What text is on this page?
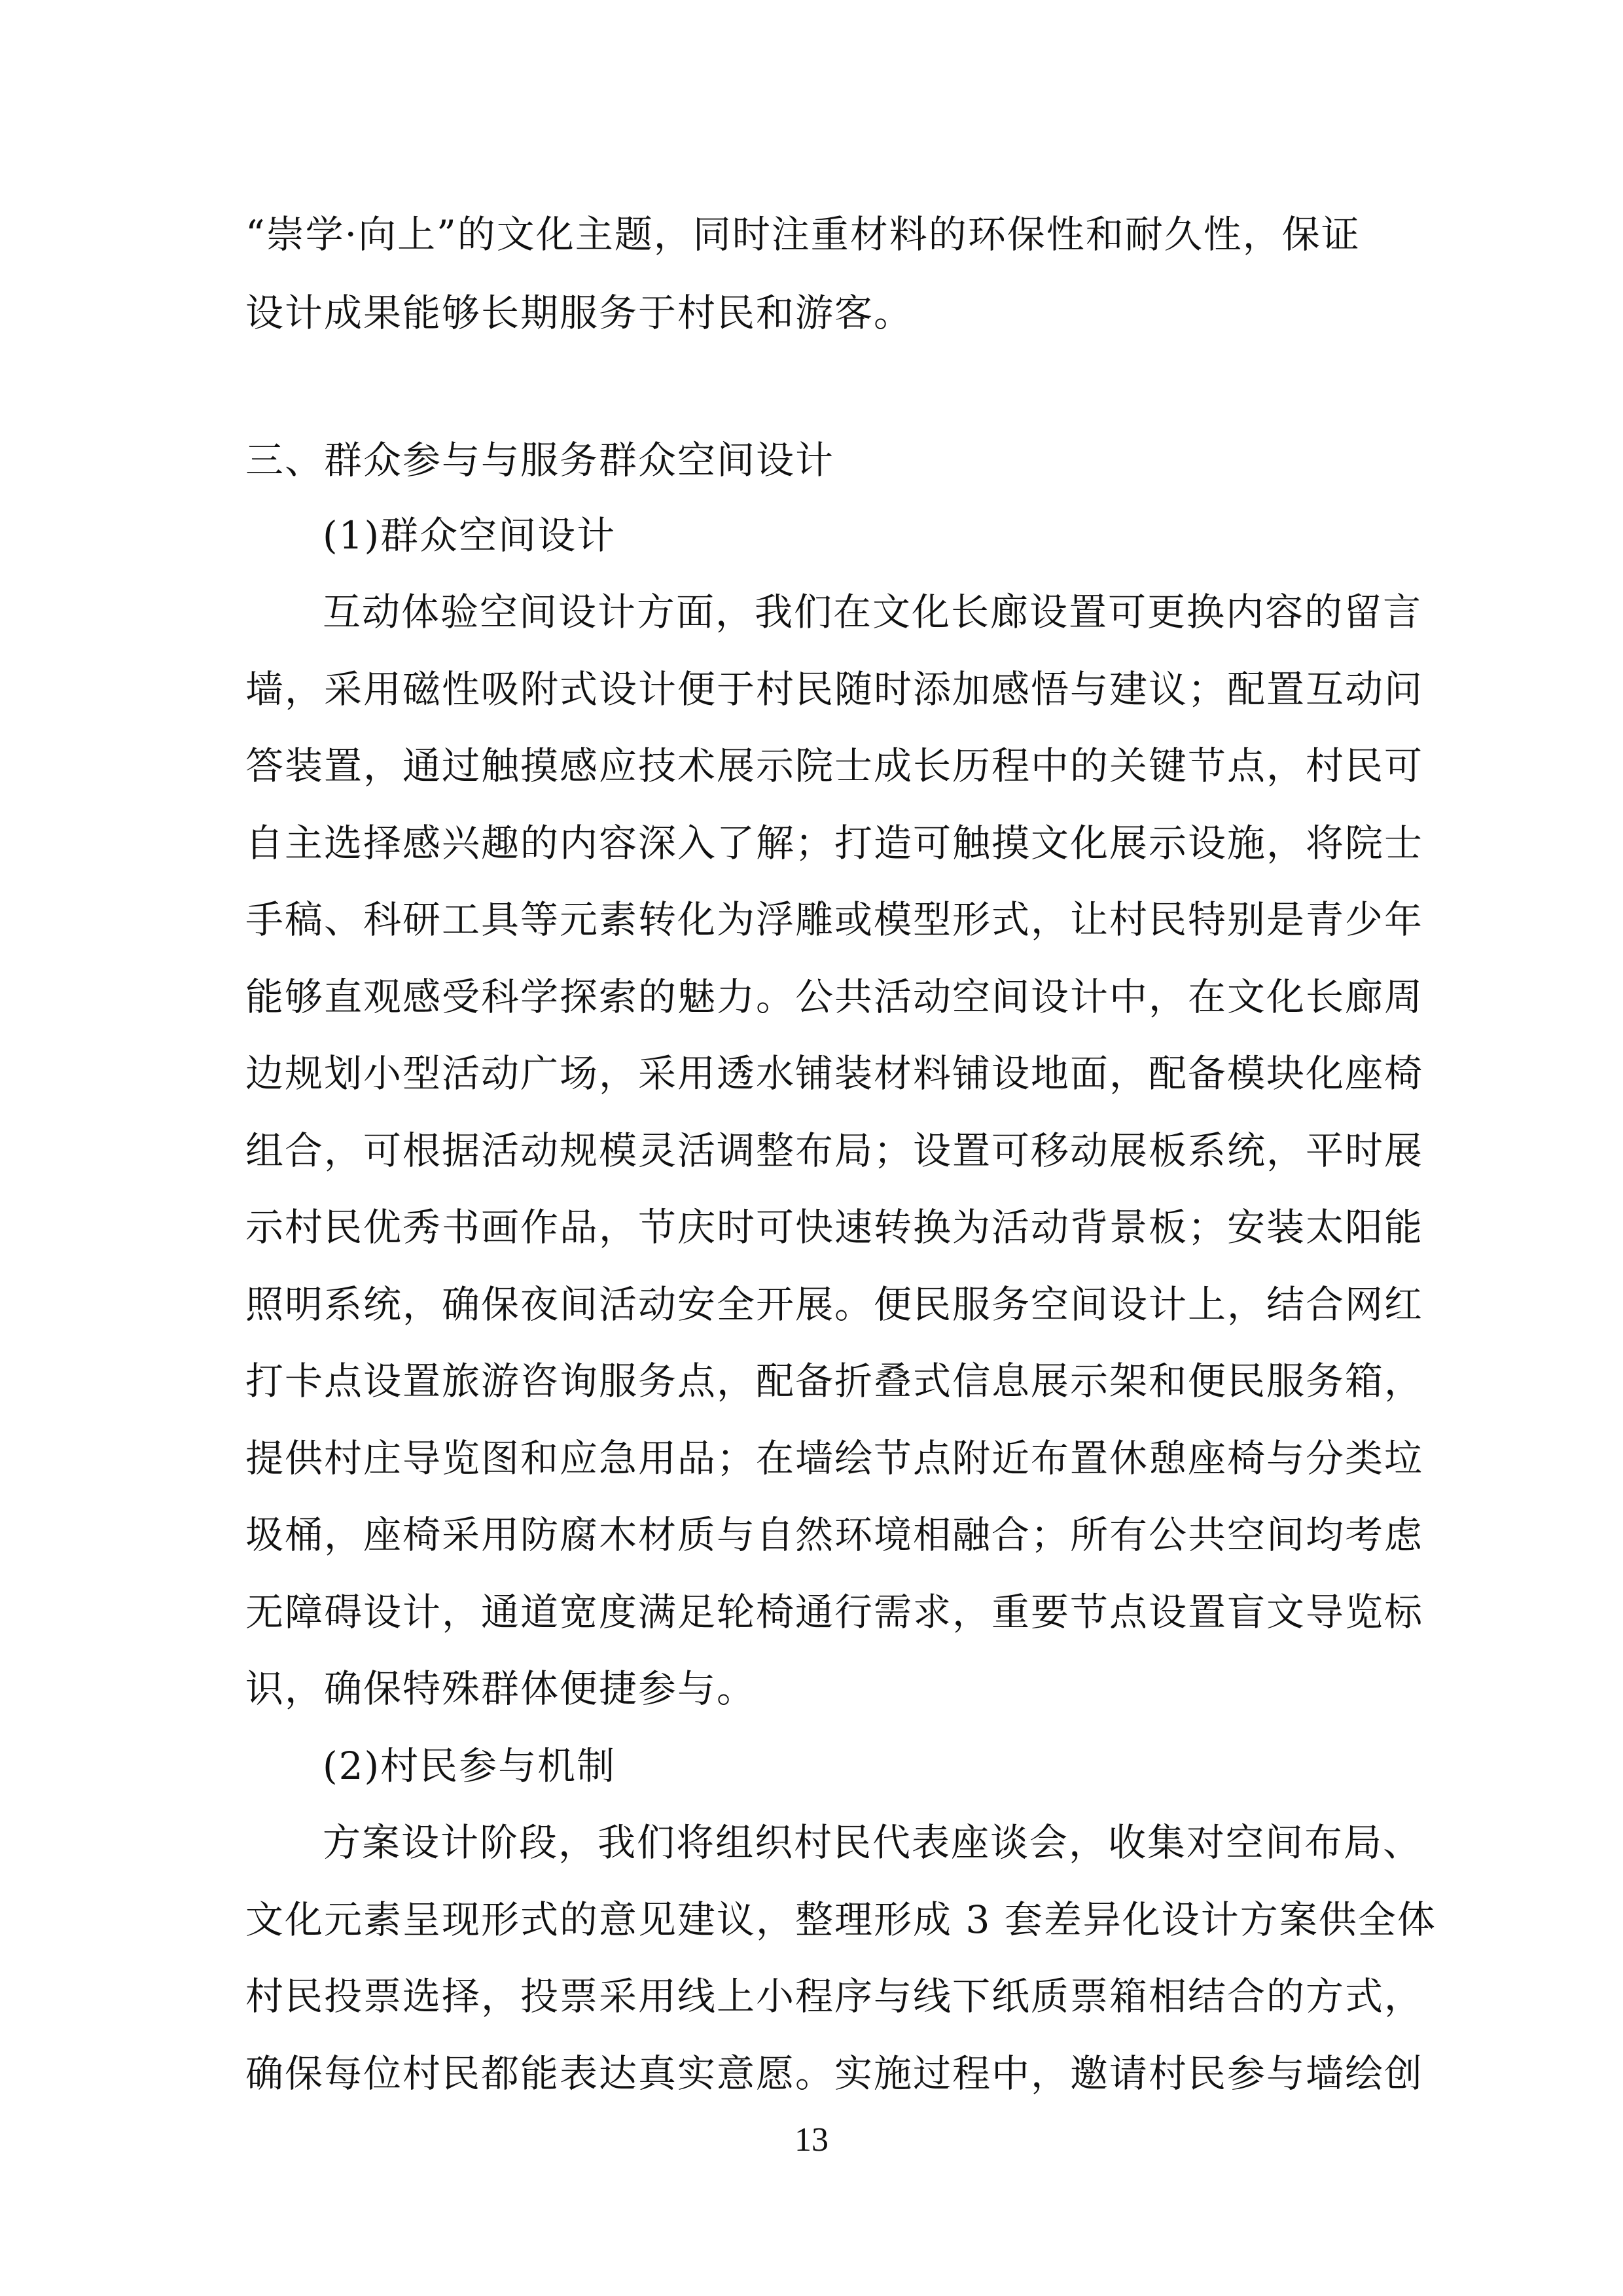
“崇学·向上”的文化主题，同时注重材料的环保性和耐久性，保证

设计成果能够长期服务于村民和游客。

三、群众参与与服务群众空间设计

(1)群众空间设计

互动体验空间设计方面，我们在文化长廊设置可更换内容的留言

墙，采用磁性吸附式设计便于村民随时添加感悟与建议；配置互动问

答装置，通过触摸感应技术展示院士成长历程中的关键节点，村民可

自主选择感兴趣的内容深入了解；打造可触摸文化展示设施，将院士

手稿、科研工具等元素转化为浮雕或模型形式，让村民特别是青少年

能够直观感受科学探索的魅力。公共活动空间设计中，在文化长廊周

边规划小型活动广场，采用透水铺装材料铺设地面，配备模块化座椅

组合，可根据活动规模灵活调整布局；设置可移动展板系统，平时展

示村民优秀书画作品，节庆时可快速转换为活动背景板；安装太阳能

照明系统，确保夜间活动安全开展。便民服务空间设计上，结合网红

打卡点设置旅游咨询服务点，配备折叠式信息展示架和便民服务箱，

提供村庄导览图和应急用品；在墙绘节点附近布置休憩座椅与分类垃

圾桶，座椅采用防腐木材质与自然环境相融合；所有公共空间均考虑

无障碍设计，通道宽度满足轮椅通行需求，重要节点设置盲文导览标

识，确保特殊群体便捷参与。

(2)村民参与机制

方案设计阶段，我们将组织村民代表座谈会，收集对空间布局、

文化元素呈现形式的意见建议，整理形成 3 套差异化设计方案供全体

村民投票选择，投票采用线上小程序与线下纸质票箱相结合的方式，

确保每位村民都能表达真实意愿。实施过程中，邀请村民参与墙绘创

13
